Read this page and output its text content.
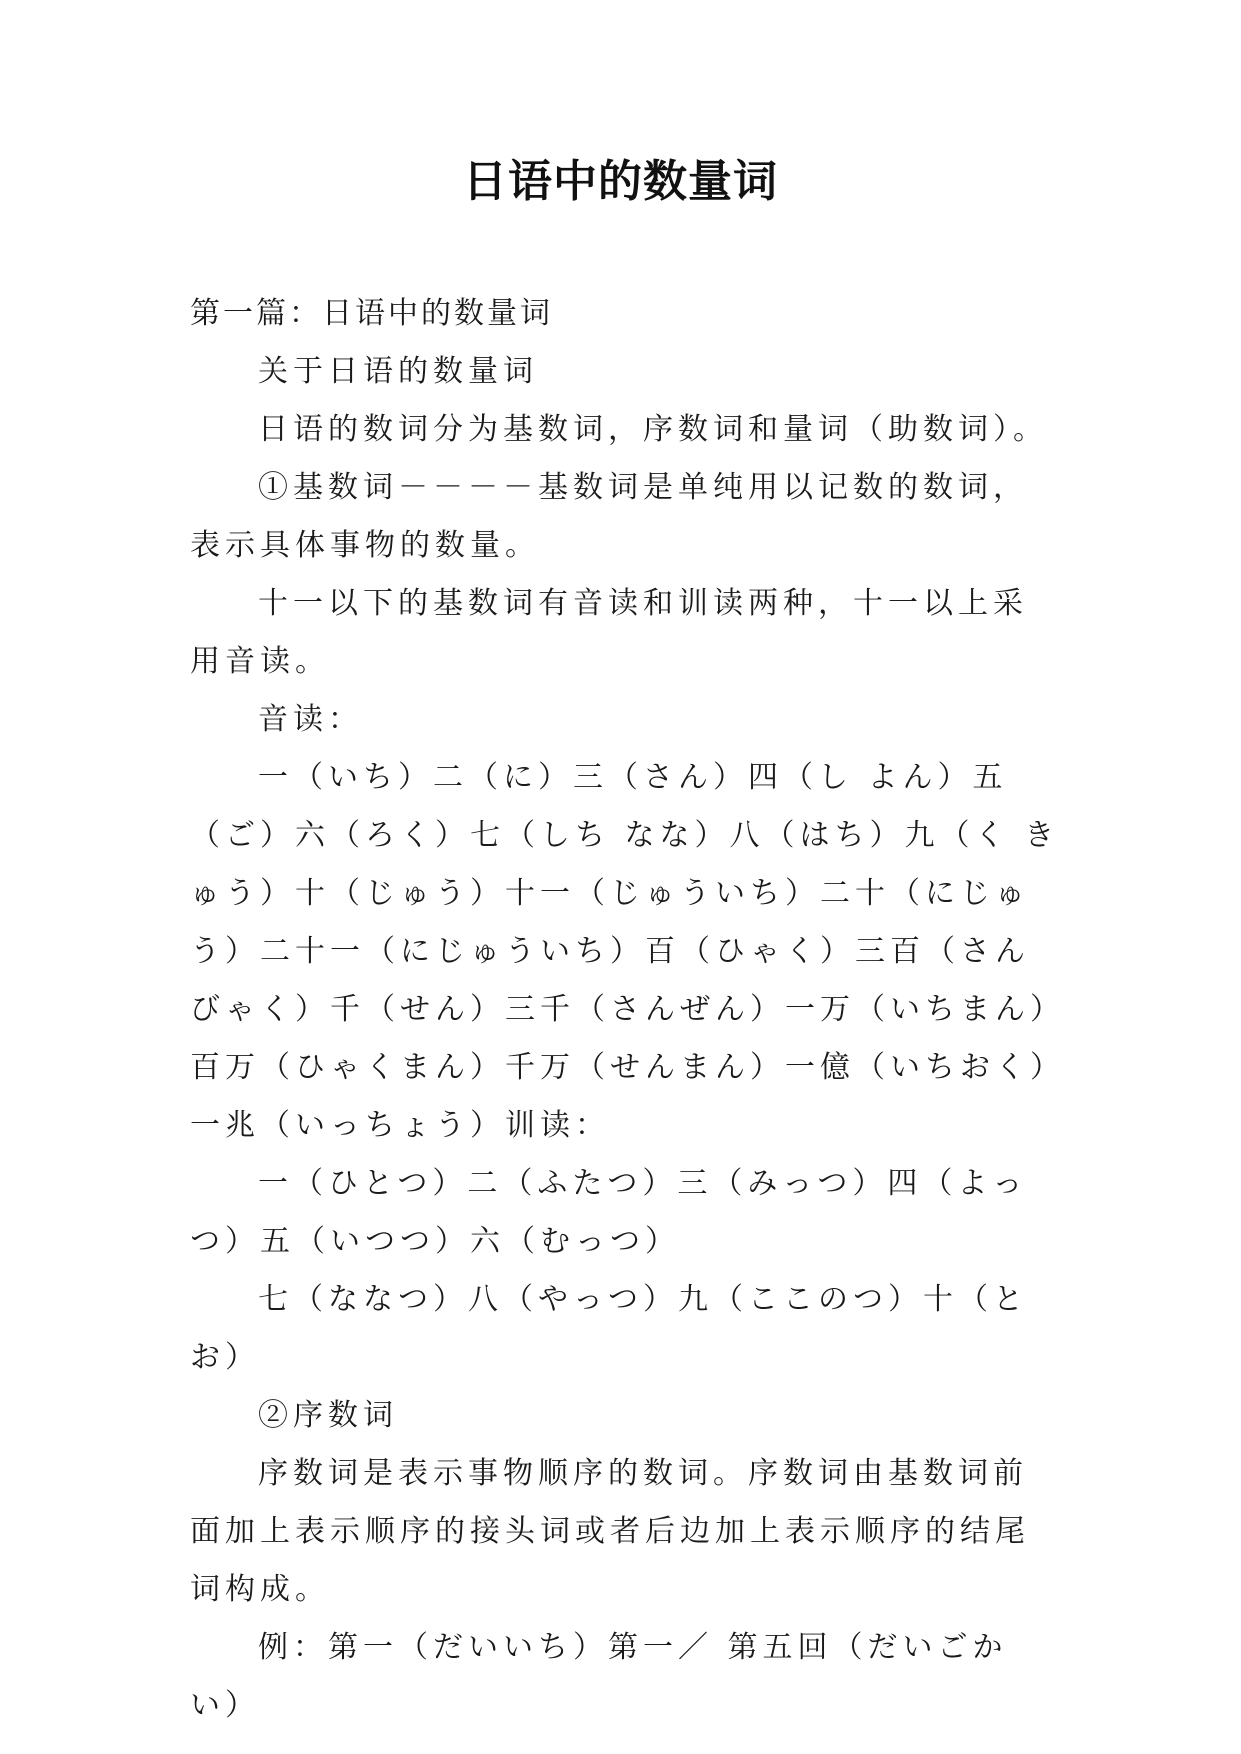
日语中的数量词

第一篇：日语中的数量词

关于日语的数量词

日语的数词分为基数词，序数词和量词（助数词）。

①基数词－－－－基数词是单纯用以记数的数词，表示具体事物的数量。

十一以下的基数词有音读和训读两种，十一以上采用音读。

音读：

一（いち）二（に）三（さん）四（し よん）五（ご）六（ろく）七（しち なな）八（はち）九（く きゅう）十（じゅう）十一（じゅういち）二十（にじゅう）二十一（にじゅういち）百（ひゃく）三百（さんびゃく）千（せん）三千（さんぜん）一万（いちまん）百万（ひゃくまん）千万（せんまん）一億（いちおく）一兆（いっちょう）训读：

一（ひとつ）二（ふたつ）三（みっつ）四（よっつ）五（いつつ）六（むっつ）

七（ななつ）八（やっつ）九（ここのつ）十（とお）

②序数词

序数词是表示事物顺序的数词。序数词由基数词前面加上表示顺序的接头词或者后边加上表示顺序的结尾词构成。

例：第一（だいいち）第一／ 第五回（だいごかい）
